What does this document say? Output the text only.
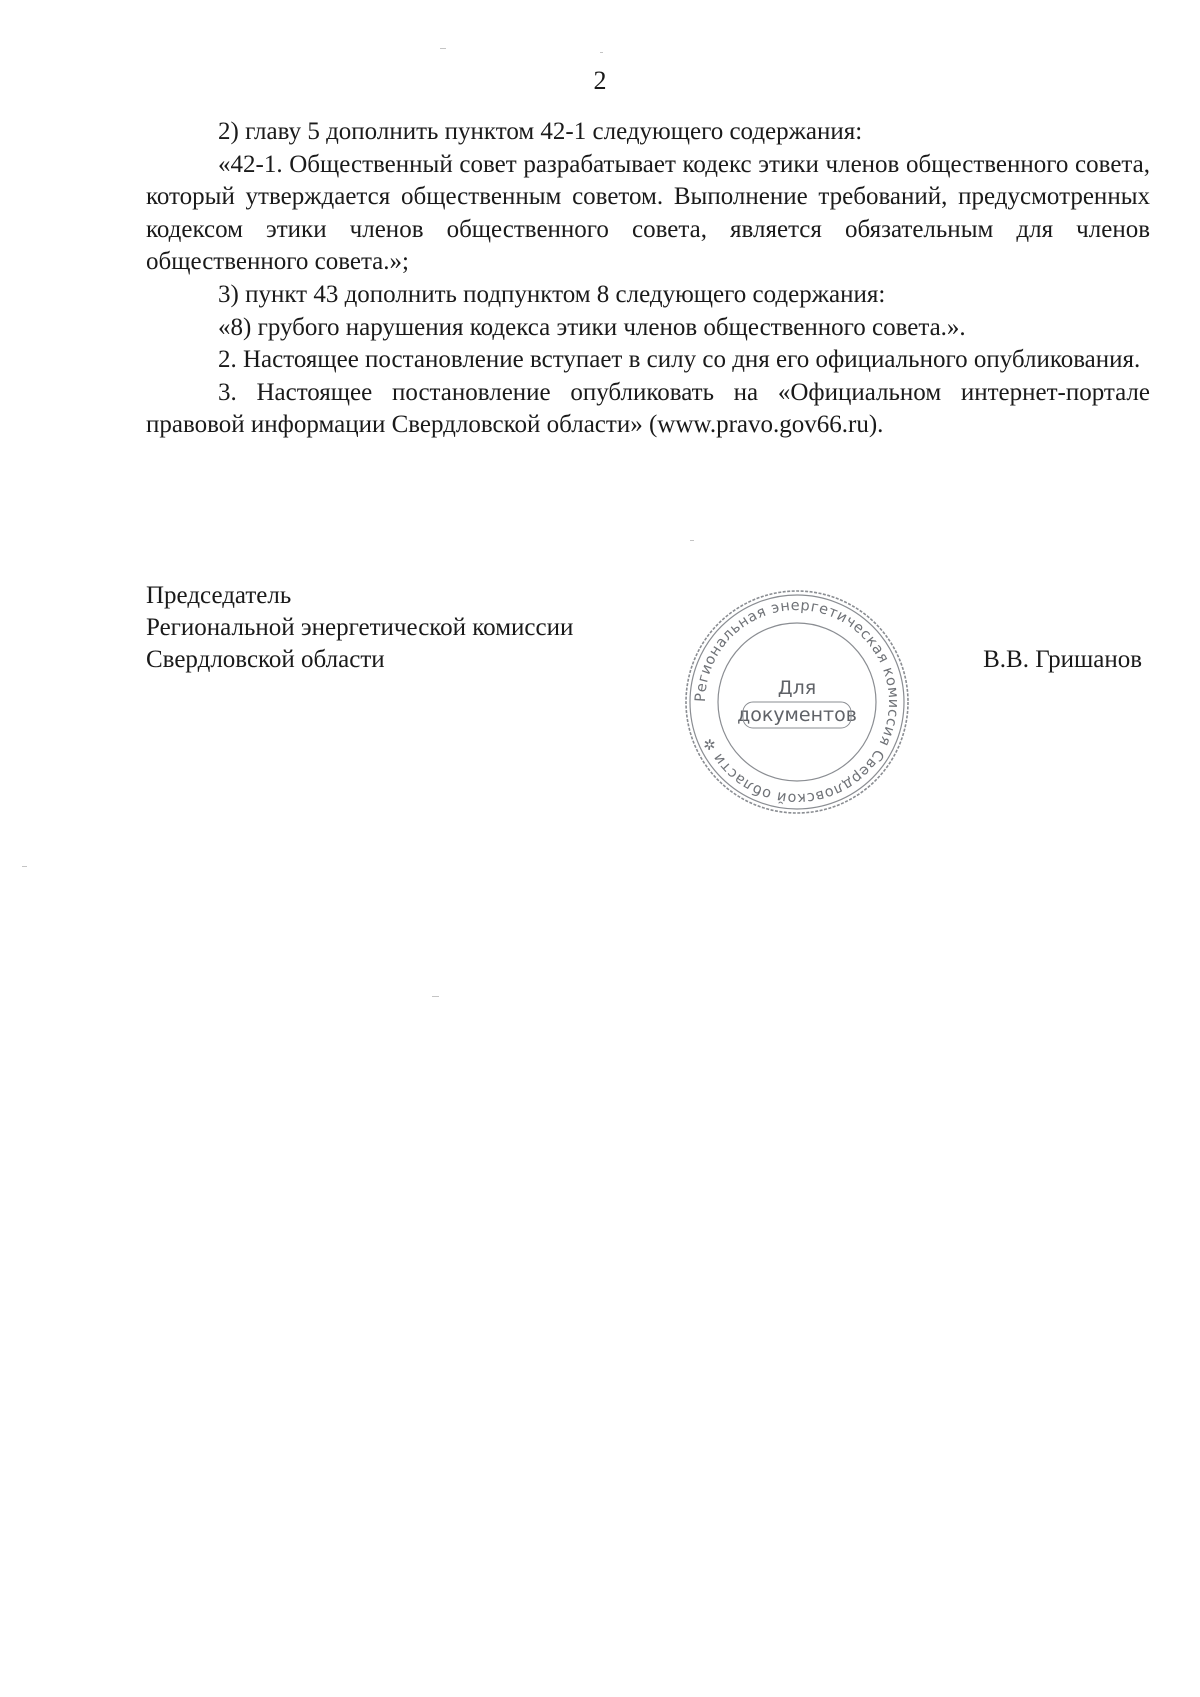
2

2) главу 5 дополнить пунктом 42-1 следующего содержания:

«42-1. Общественный совет разрабатывает кодекс этики членов общественного совета, который утверждается общественным советом. Выполнение требований, предусмотренных кодексом этики членов общественного совета, является обязательным для членов общественного совета.»;

3) пункт 43 дополнить подпунктом 8 следующего содержания:

«8) грубого нарушения кодекса этики членов общественного совета.».

2. Настоящее постановление вступает в силу со дня его официального опубликования.

3. Настоящее постановление опубликовать на «Официальном интернет-портале правовой информации Свердловской области» (www.pravo.gov66.ru).

Председатель
Региональной энергетической комиссии
Свердловской области
Региональная энергетическая комиссия Свердловской области ✲
Для
документов
В.В. Гришанов
